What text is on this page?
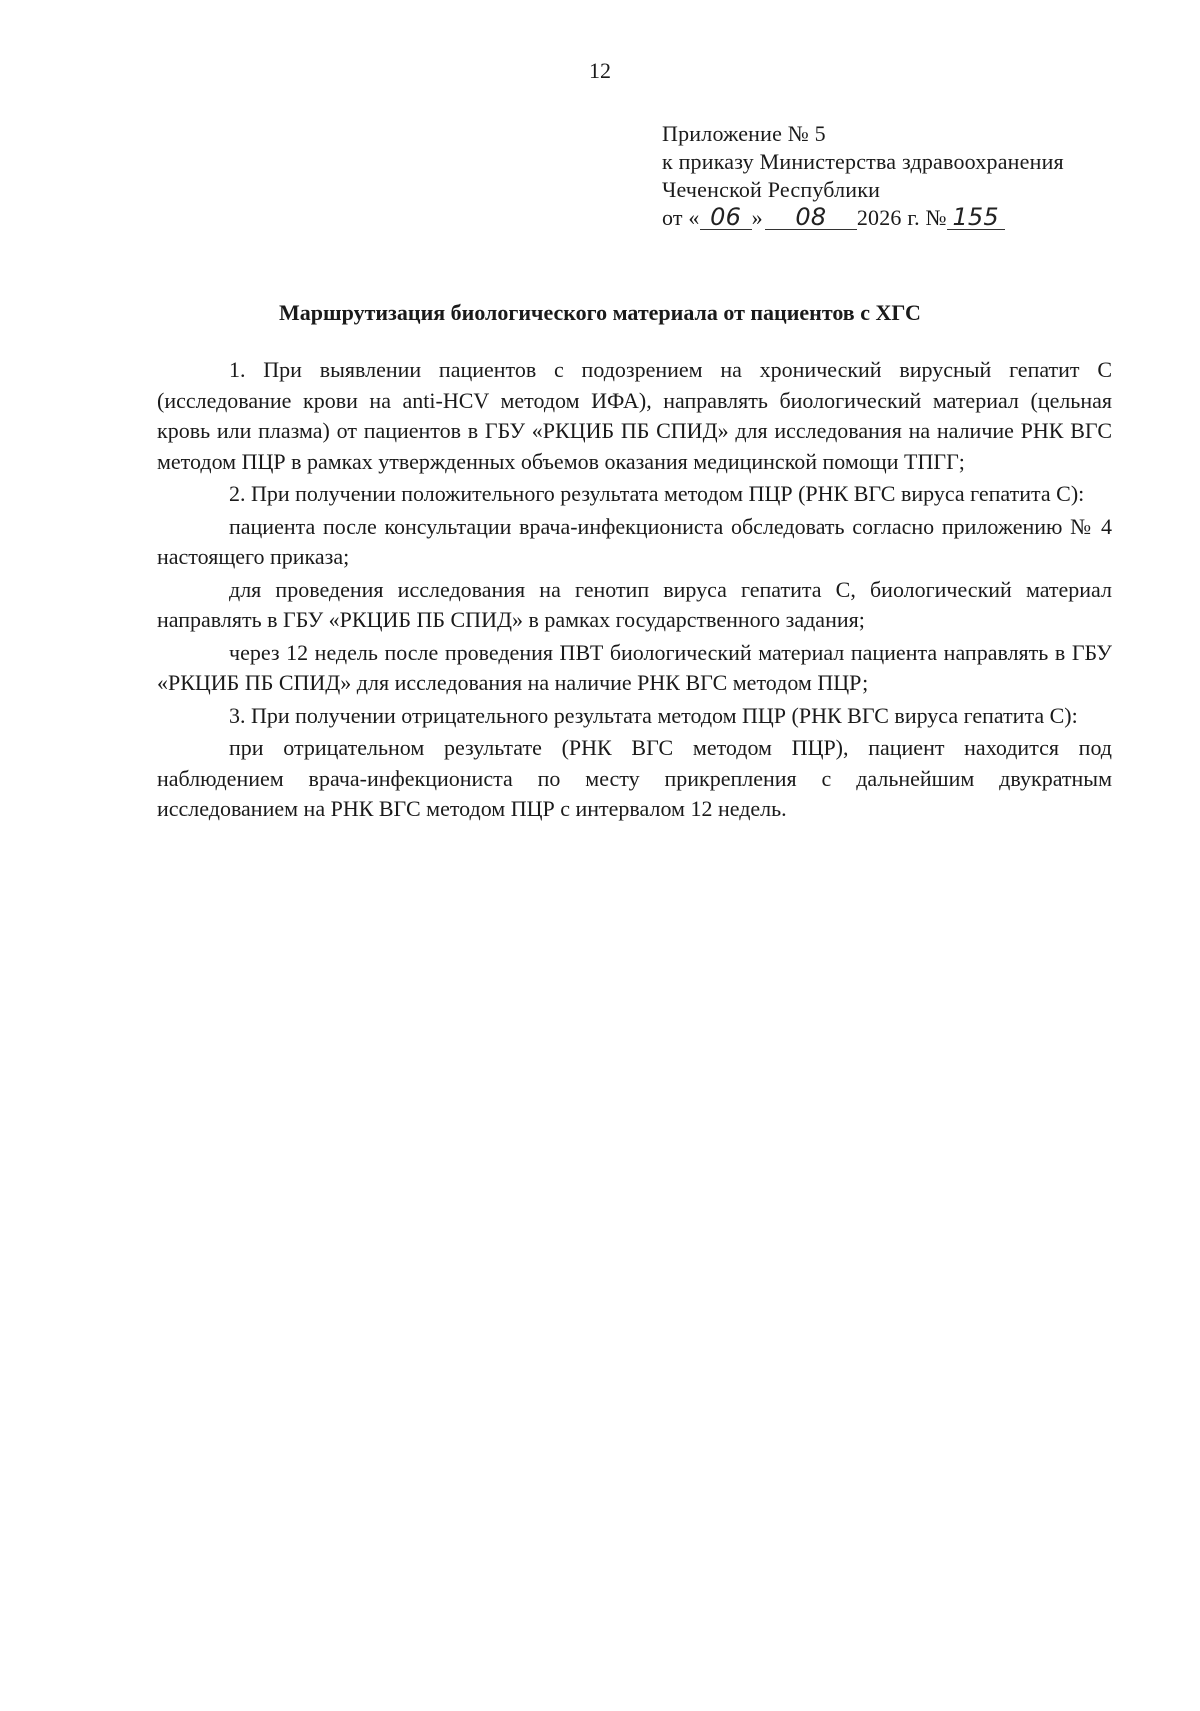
12
Приложение № 5
к приказу Министерства здравоохранения
Чеченской Республики
от « 06 » 08 2026 г. № 155
Маршрутизация биологического материала от пациентов с ХГС

1. При выявлении пациентов с подозрением на хронический вирусный гепатит С (исследование крови на anti-HCV методом ИФА), направлять биологический материал (цельная кровь или плазма) от пациентов в ГБУ «РКЦИБ ПБ СПИД» для исследования на наличие РНК ВГС методом ПЦР в рамках утвержденных объемов оказания медицинской помощи ТПГГ;

2. При получении положительного результата методом ПЦР (РНК ВГС вируса гепатита С):

пациента после консультации врача-инфекциониста обследовать согласно приложению № 4 настоящего приказа;

для проведения исследования на генотип вируса гепатита С, биологический материал направлять в ГБУ «РКЦИБ ПБ СПИД» в рамках государственного задания;

через 12 недель после проведения ПВТ биологический материал пациента направлять в ГБУ «РКЦИБ ПБ СПИД» для исследования на наличие РНК ВГС методом ПЦР;

3. При получении отрицательного результата методом ПЦР (РНК ВГС вируса гепатита С):

при отрицательном результате (РНК ВГС методом ПЦР), пациент находится под наблюдением врача-инфекциониста по месту прикрепления с дальнейшим двукратным исследованием на РНК ВГС методом ПЦР с интервалом 12 недель.
